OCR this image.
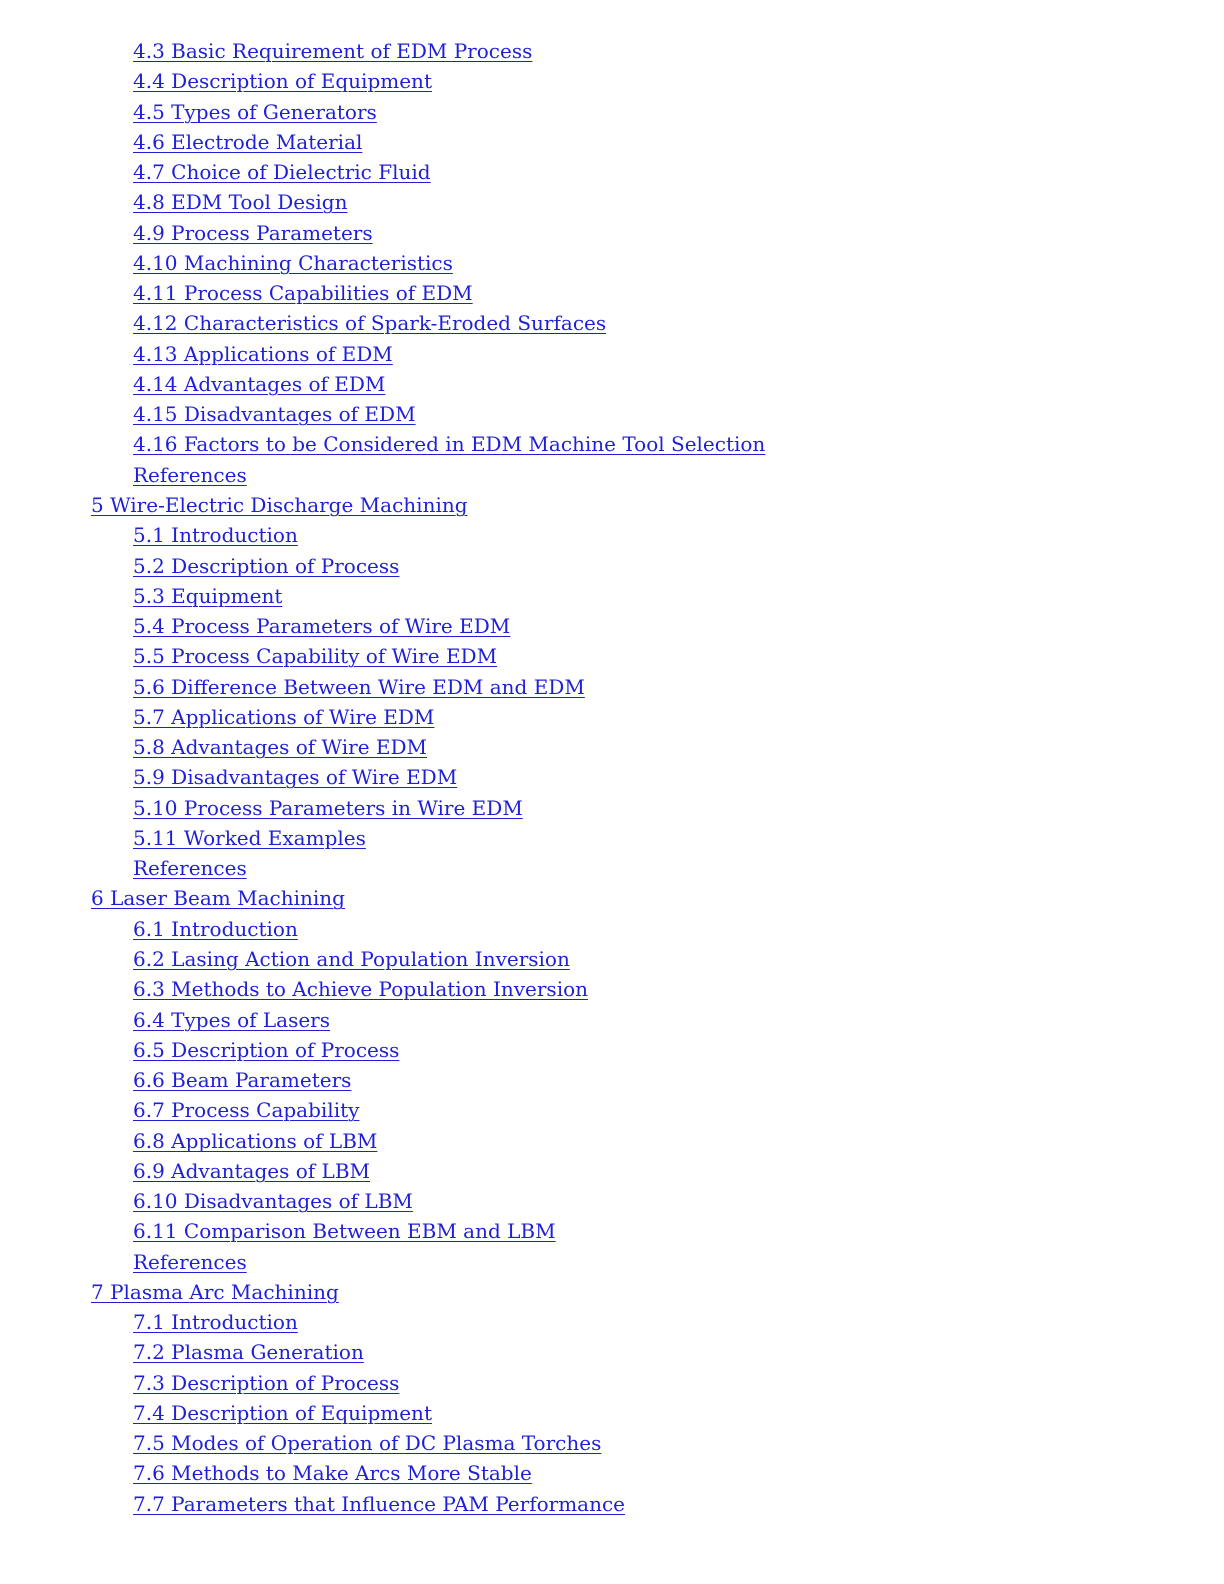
4.3 Basic Requirement of EDM Process
4.4 Description of Equipment
4.5 Types of Generators
4.6 Electrode Material
4.7 Choice of Dielectric Fluid
4.8 EDM Tool Design
4.9 Process Parameters
4.10 Machining Characteristics
4.11 Process Capabilities of EDM
4.12 Characteristics of Spark-Eroded Surfaces
4.13 Applications of EDM
4.14 Advantages of EDM
4.15 Disadvantages of EDM
4.16 Factors to be Considered in EDM Machine Tool Selection
References
5 Wire-Electric Discharge Machining
5.1 Introduction
5.2 Description of Process
5.3 Equipment
5.4 Process Parameters of Wire EDM
5.5 Process Capability of Wire EDM
5.6 Difference Between Wire EDM and EDM
5.7 Applications of Wire EDM
5.8 Advantages of Wire EDM
5.9 Disadvantages of Wire EDM
5.10 Process Parameters in Wire EDM
5.11 Worked Examples
References
6 Laser Beam Machining
6.1 Introduction
6.2 Lasing Action and Population Inversion
6.3 Methods to Achieve Population Inversion
6.4 Types of Lasers
6.5 Description of Process
6.6 Beam Parameters
6.7 Process Capability
6.8 Applications of LBM
6.9 Advantages of LBM
6.10 Disadvantages of LBM
6.11 Comparison Between EBM and LBM
References
7 Plasma Arc Machining
7.1 Introduction
7.2 Plasma Generation
7.3 Description of Process
7.4 Description of Equipment
7.5 Modes of Operation of DC Plasma Torches
7.6 Methods to Make Arcs More Stable
7.7 Parameters that Influence PAM Performance
